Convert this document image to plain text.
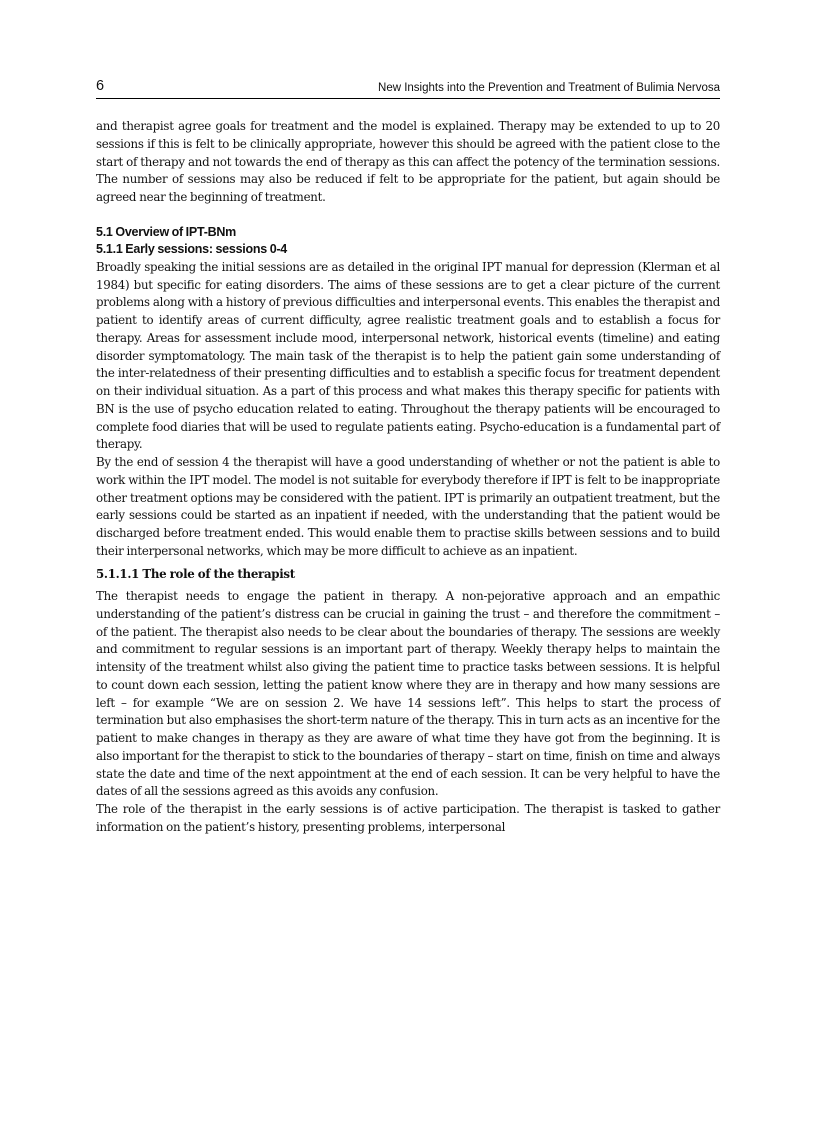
6	New Insights into the Prevention and Treatment of Bulimia Nervosa

and therapist agree goals for treatment and the model is explained. Therapy may be extended to up to 20 sessions if this is felt to be clinically appropriate, however this should be agreed with the patient close to the start of therapy and not towards the end of therapy as this can affect the potency of the termination sessions. The number of sessions may also be reduced if felt to be appropriate for the patient, but again should be agreed near the beginning of treatment.

5.1 Overview of IPT-BNm
5.1.1 Early sessions: sessions 0-4

Broadly speaking the initial sessions are as detailed in the original IPT manual for depression (Klerman et al 1984) but specific for eating disorders. The aims of these sessions are to get a clear picture of the current problems along with a history of previous difficulties and interpersonal events. This enables the therapist and patient to identify areas of current difficulty, agree realistic treatment goals and to establish a focus for therapy. Areas for assessment include mood, interpersonal network, historical events (timeline) and eating disorder symptomatology. The main task of the therapist is to help the patient gain some understanding of the inter-relatedness of their presenting difficulties and to establish a specific focus for treatment dependent on their individual situation. As a part of this process and what makes this therapy specific for patients with BN is the use of psycho education related to eating. Throughout the therapy patients will be encouraged to complete food diaries that will be used to regulate patients eating. Psycho-education is a fundamental part of therapy.

By the end of session 4 the therapist will have a good understanding of whether or not the patient is able to work within the IPT model. The model is not suitable for everybody therefore if IPT is felt to be inappropriate other treatment options may be considered with the patient. IPT is primarily an outpatient treatment, but the early sessions could be started as an inpatient if needed, with the understanding that the patient would be discharged before treatment ended. This would enable them to practise skills between sessions and to build their interpersonal networks, which may be more difficult to achieve as an inpatient.

5.1.1.1 The role of the therapist

The therapist needs to engage the patient in therapy. A non-pejorative approach and an empathic understanding of the patient’s distress can be crucial in gaining the trust – and therefore the commitment – of the patient. The therapist also needs to be clear about the boundaries of therapy. The sessions are weekly and commitment to regular sessions is an important part of therapy. Weekly therapy helps to maintain the intensity of the treatment whilst also giving the patient time to practice tasks between sessions. It is helpful to count down each session, letting the patient know where they are in therapy and how many sessions are left – for example “We are on session 2. We have 14 sessions left”. This helps to start the process of termination but also emphasises the short-term nature of the therapy. This in turn acts as an incentive for the patient to make changes in therapy as they are aware of what time they have got from the beginning. It is also important for the therapist to stick to the boundaries of therapy – start on time, finish on time and always state the date and time of the next appointment at the end of each session. It can be very helpful to have the dates of all the sessions agreed as this avoids any confusion.

The role of the therapist in the early sessions is of active participation. The therapist is tasked to gather information on the patient’s history, presenting problems, interpersonal
